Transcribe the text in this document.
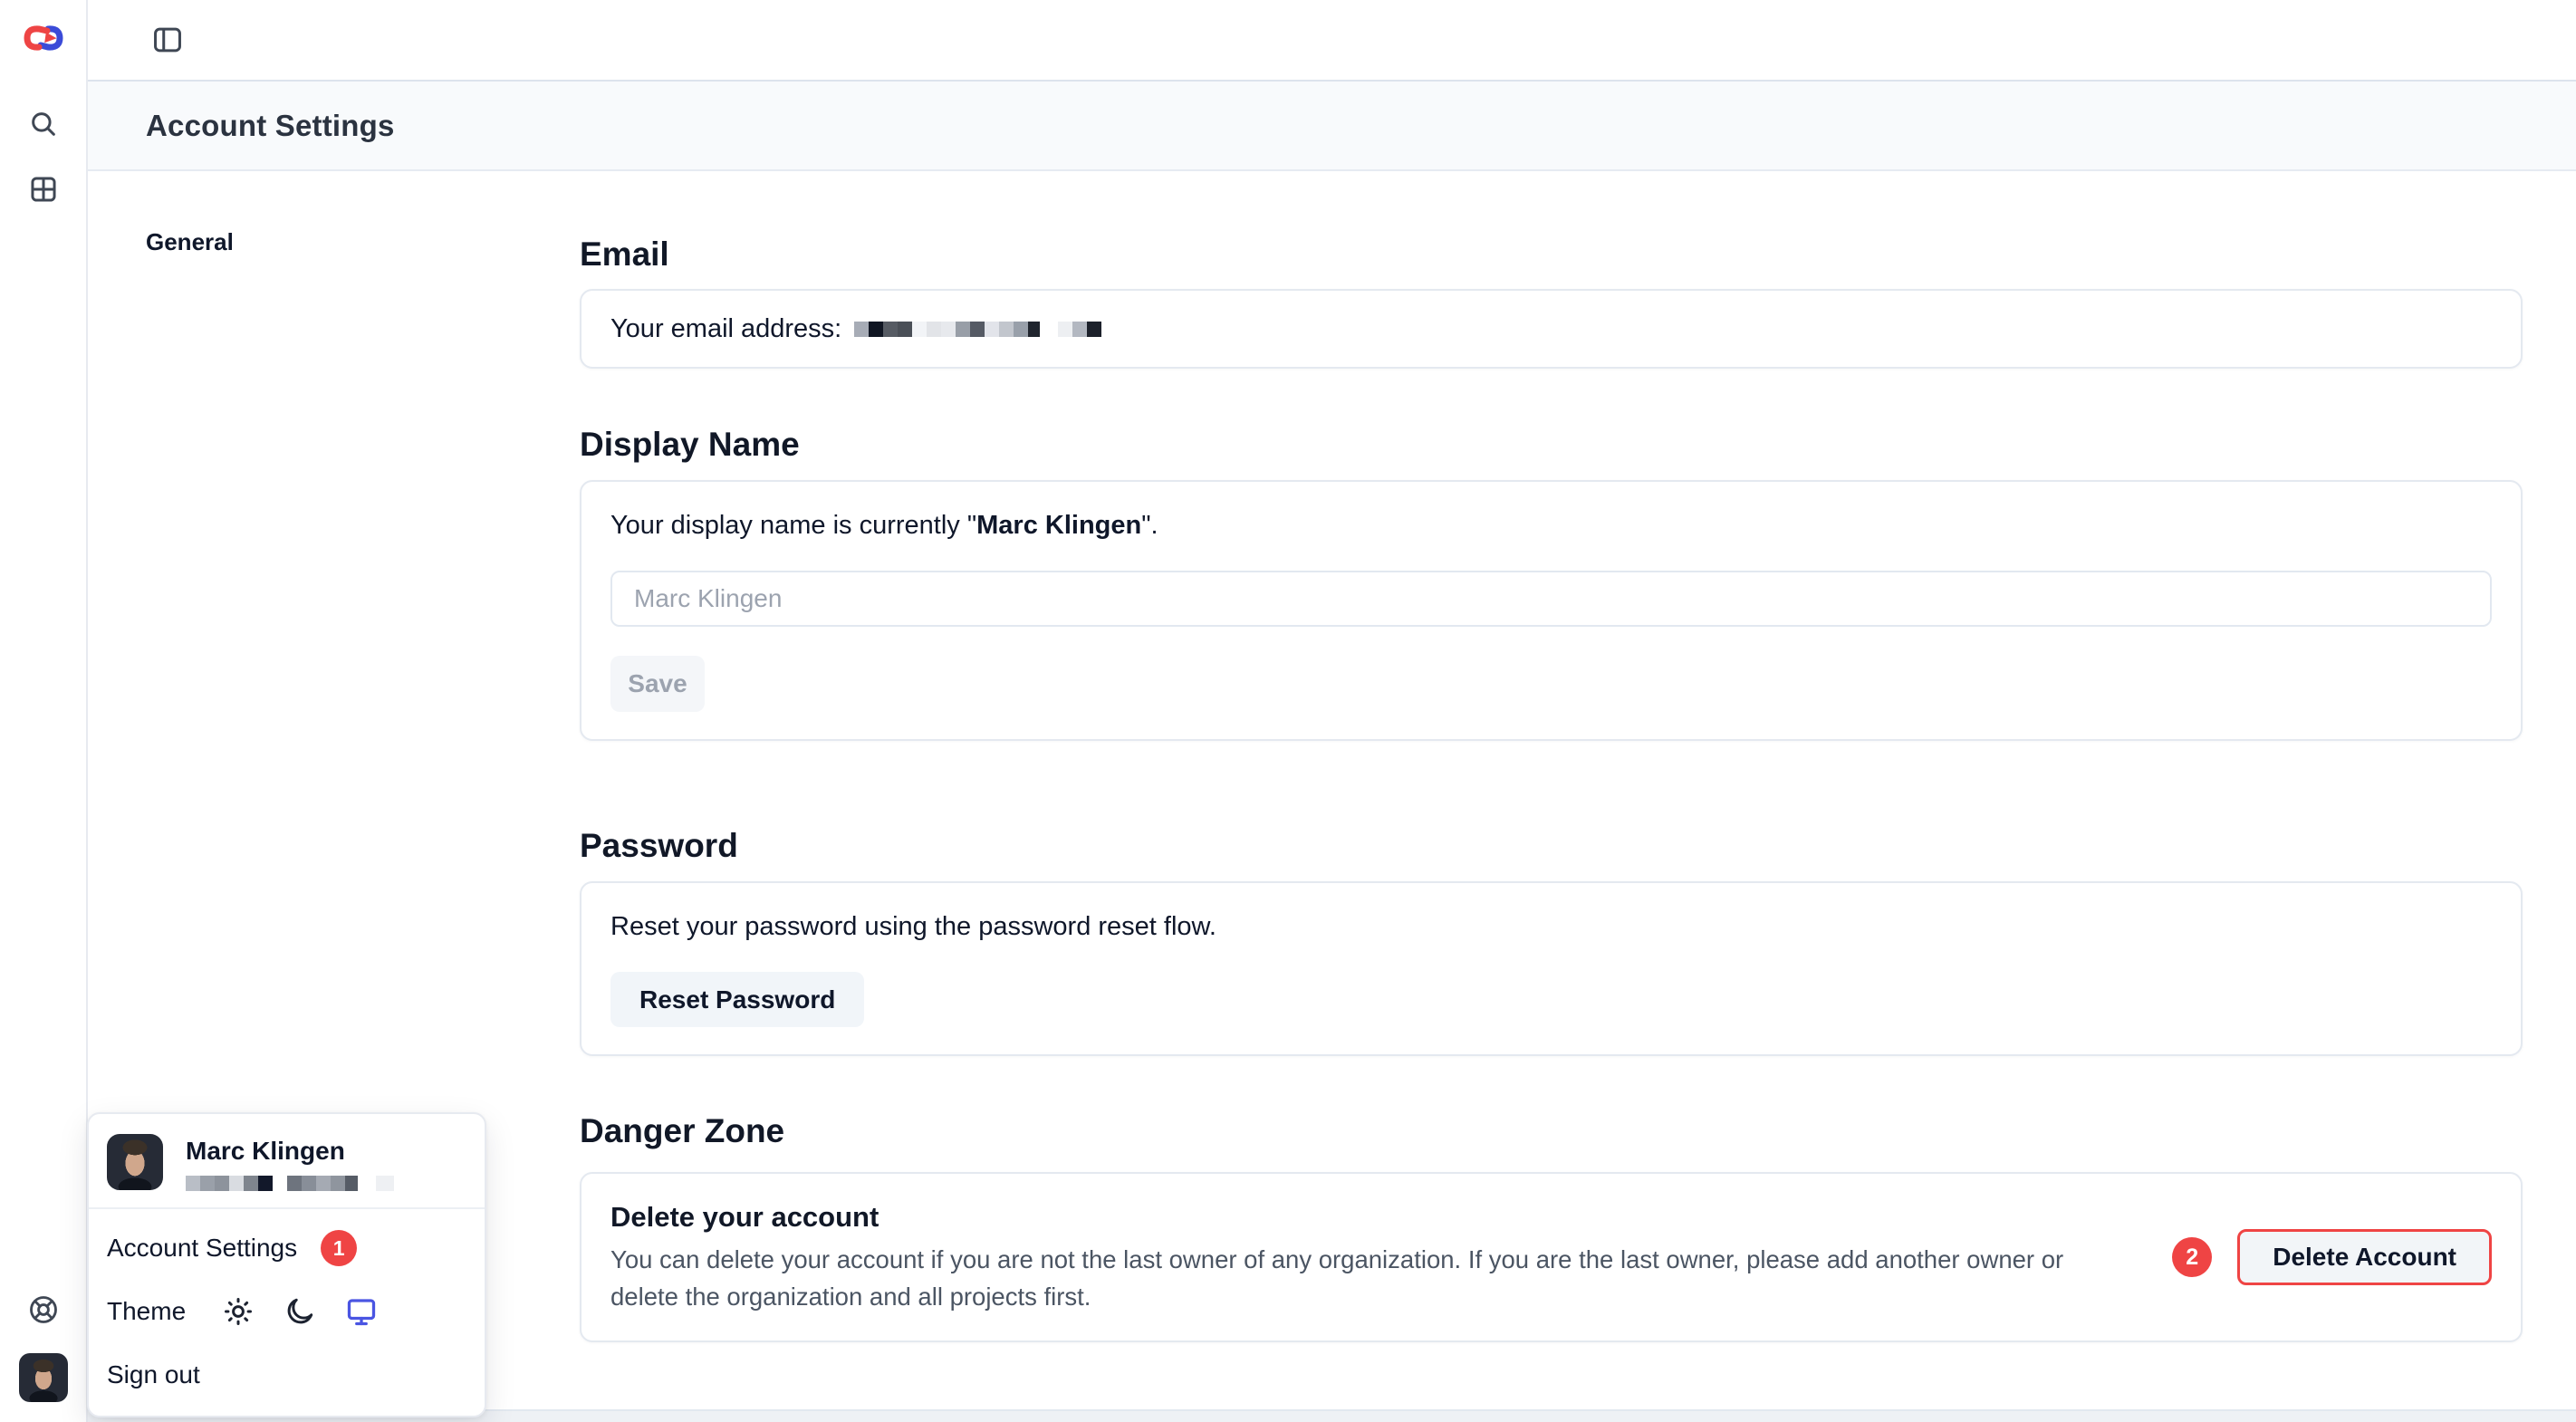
Account Settings
General	Email
Your email address:
Display Name

Your display name is currently "Marc Klingen".

Marc Klingen
Save
Password

Reset your password using the password reset flow.

Reset Password
Danger Zone
Delete your account
You can delete your account if you are not the last owner of any organization. If you are the last owner, please add another owner or delete the organization and all projects first.
2	Delete Account
Marc Klingen
Account Settings	1
Theme
Sign out
